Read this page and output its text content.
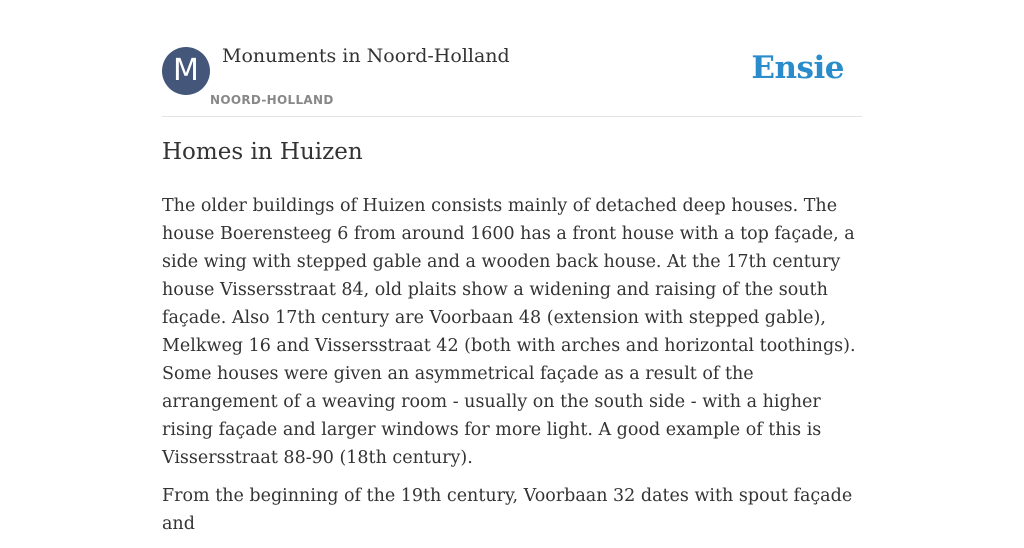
M	Monuments in Noord-Holland
NOORD-HOLLAND
Ensie
Homes in Huizen

The older buildings of Huizen consists mainly of detached deep houses. The house Boerensteeg 6 from around 1600 has a front house with a top façade, a side wing with stepped gable and a wooden back house. At the 17th century house Vissersstraat 84, old plaits show a widening and raising of the south façade. Also 17th century are Voorbaan 48 (extension with stepped gable), Melkweg 16 and Vissersstraat 42 (both with arches and horizontal toothings). Some houses were given an asymmetrical façade as a result of the arrangement of a weaving room - usually on the south side - with a higher rising façade and larger windows for more light. A good example of this is Vissersstraat 88-90 (18th century).

From the beginning of the 19th century, Voorbaan 32 dates with spout façade and
